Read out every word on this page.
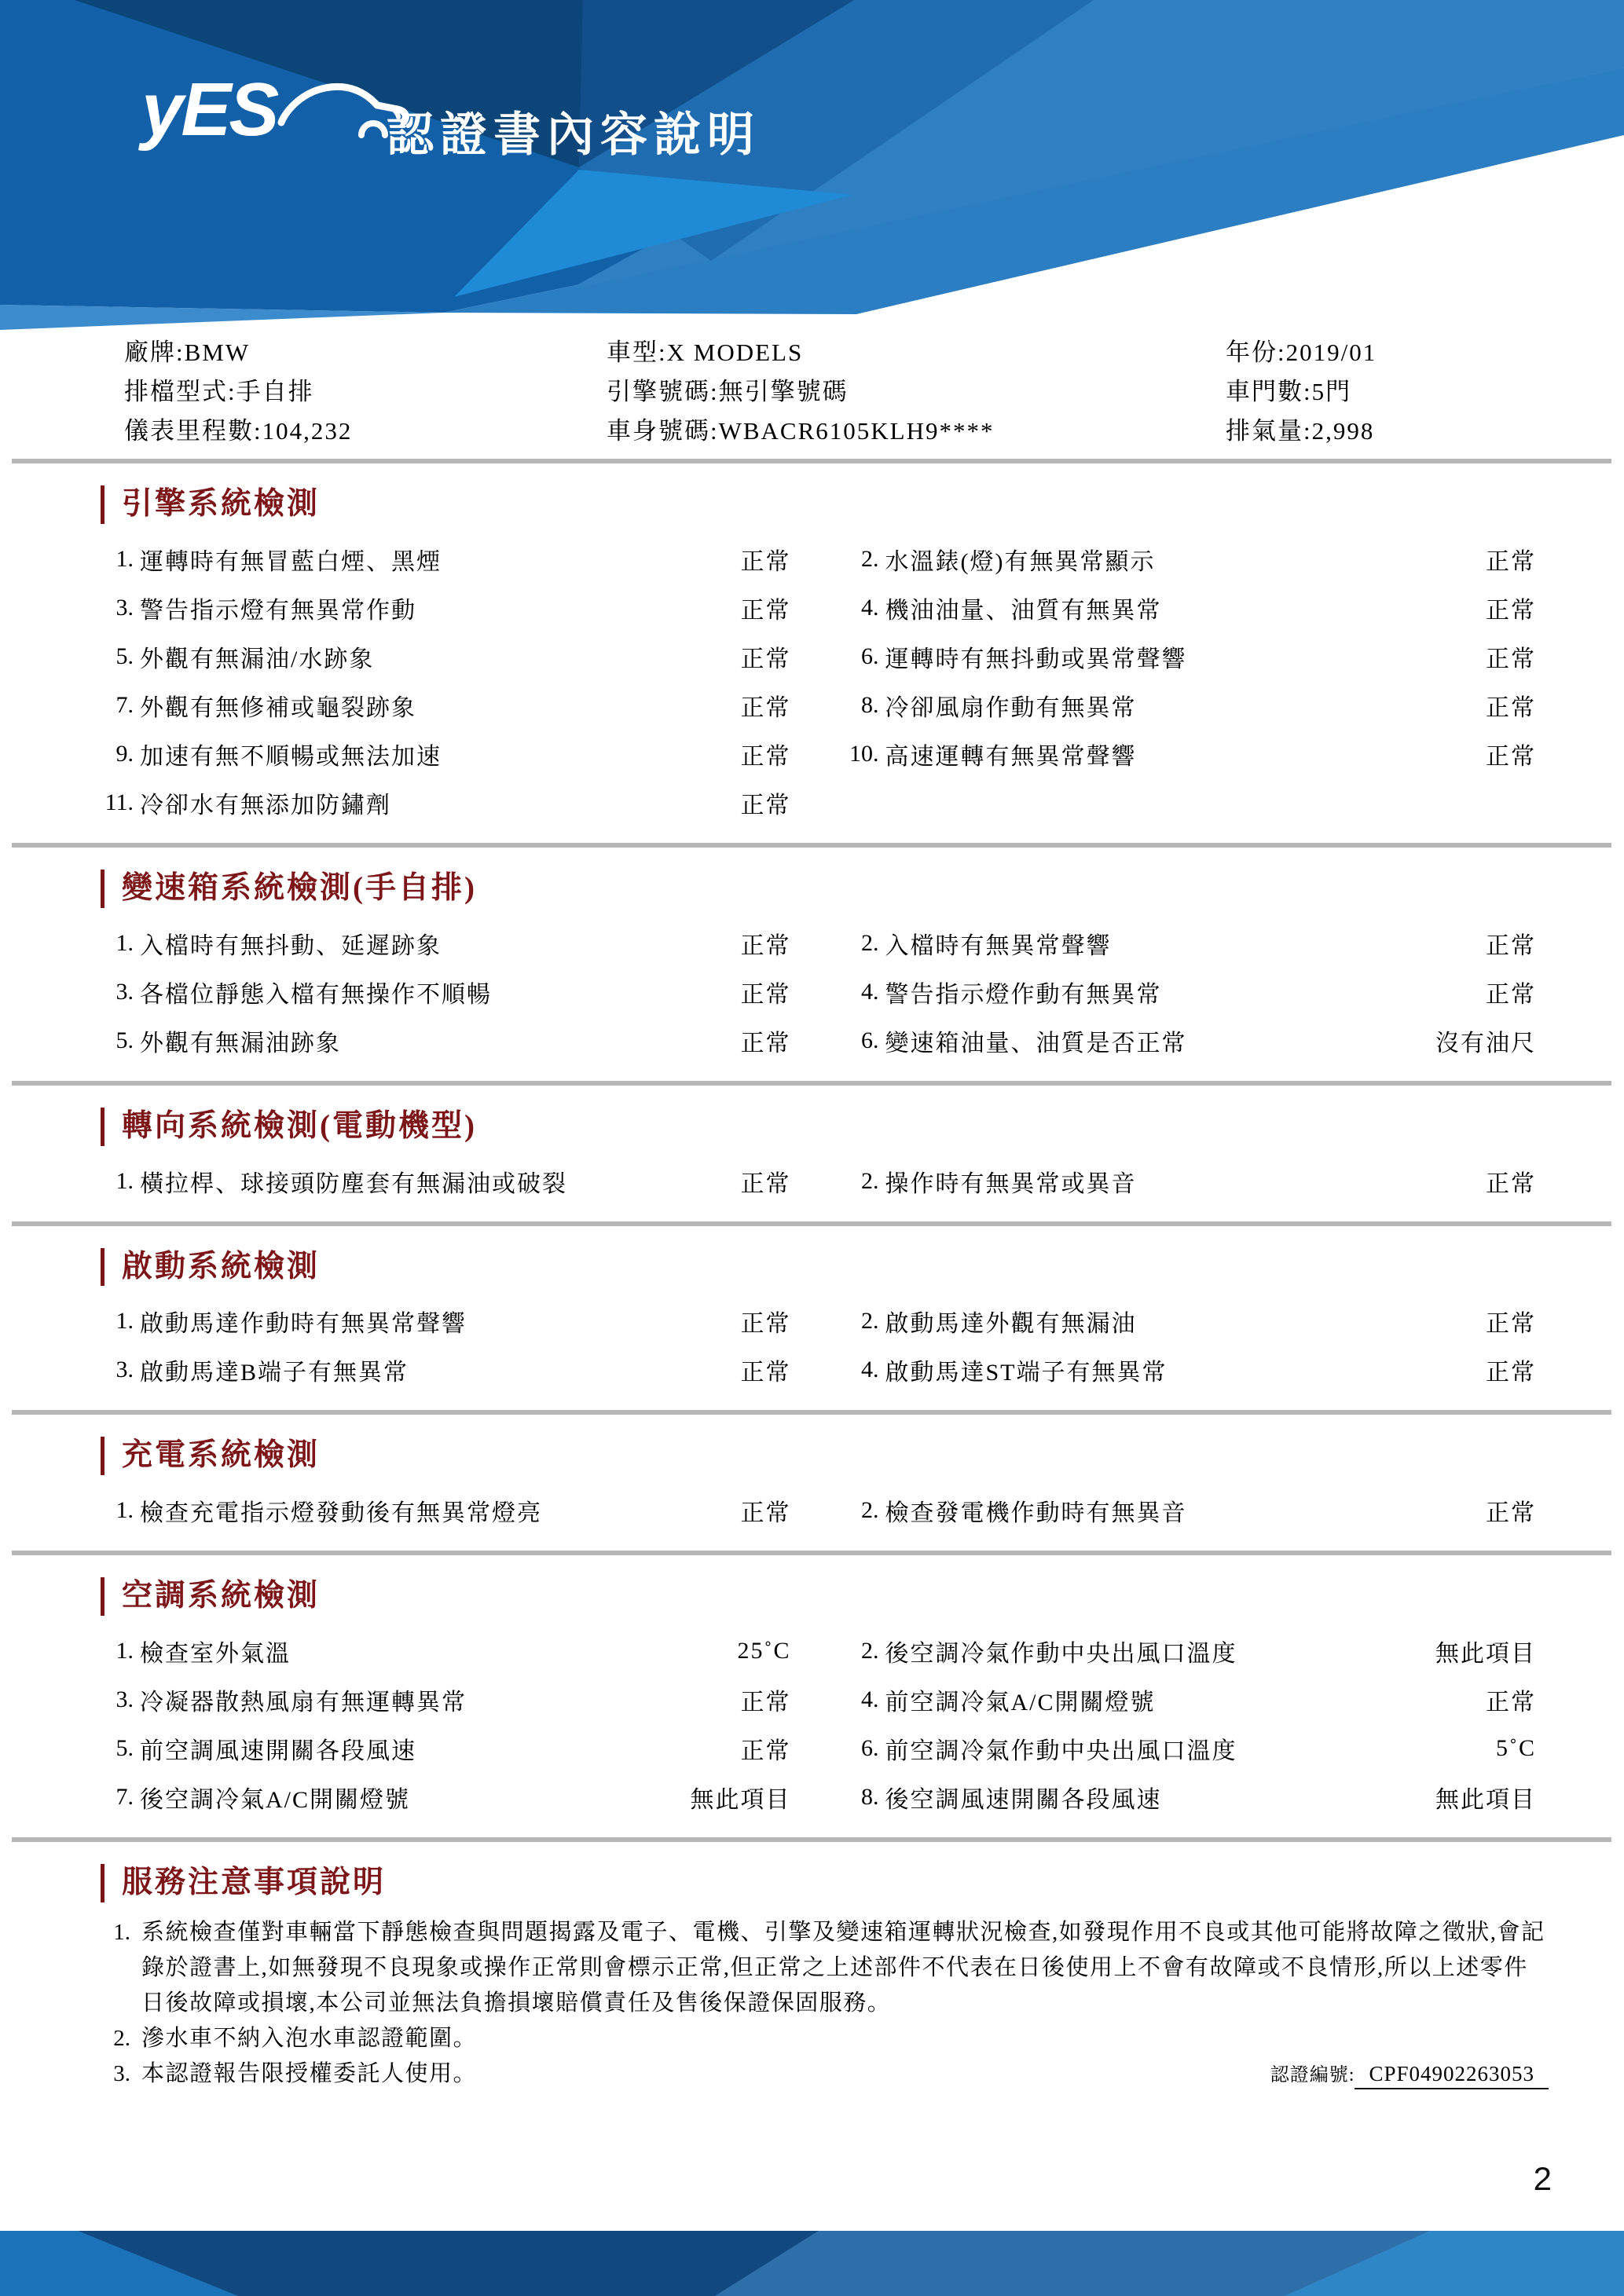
yES 認證書內容說明
廠牌:BMW	車型:X MODELS	年份:2019/01
排檔型式:手自排	引擎號碼:無引擎號碼	車門數:5門
儀表里程數:104,232	車身號碼:WBACR6105KLH9****	排氣量:2,998
引擎系統檢測
1. 運轉時有無冒藍白煙、黑煙	正常	2. 水溫錶(燈)有無異常顯示	正常
3. 警告指示燈有無異常作動	正常	4. 機油油量、油質有無異常	正常
5. 外觀有無漏油/水跡象	正常	6. 運轉時有無抖動或異常聲響	正常
7. 外觀有無修補或龜裂跡象	正常	8. 冷卻風扇作動有無異常	正常
9. 加速有無不順暢或無法加速	正常	10. 高速運轉有無異常聲響	正常
11. 冷卻水有無添加防鏽劑	正常
變速箱系統檢測(手自排)
1. 入檔時有無抖動、延遲跡象	正常	2. 入檔時有無異常聲響	正常
3. 各檔位靜態入檔有無操作不順暢	正常	4. 警告指示燈作動有無異常	正常
5. 外觀有無漏油跡象	正常	6. 變速箱油量、油質是否正常	沒有油尺
轉向系統檢測(電動機型)
1. 橫拉桿、球接頭防塵套有無漏油或破裂	正常	2. 操作時有無異常或異音	正常
啟動系統檢測
1. 啟動馬達作動時有無異常聲響	正常	2. 啟動馬達外觀有無漏油	正常
3. 啟動馬達B端子有無異常	正常	4. 啟動馬達ST端子有無異常	正常
充電系統檢測
1. 檢查充電指示燈發動後有無異常燈亮	正常	2. 檢查發電機作動時有無異音	正常
空調系統檢測
1. 檢查室外氣溫	25˚C	2. 後空調冷氣作動中央出風口溫度	無此項目
3. 冷凝器散熱風扇有無運轉異常	正常	4. 前空調冷氣A/C開關燈號	正常
5. 前空調風速開關各段風速	正常	6. 前空調冷氣作動中央出風口溫度	5˚C
7. 後空調冷氣A/C開關燈號	無此項目	8. 後空調風速開關各段風速	無此項目
服務注意事項說明
1. 系統檢查僅對車輛當下靜態檢查與問題揭露及電子、電機、引擎及變速箱運轉狀況檢查,如發現作用不良或其他可能將故障之徵狀,會記錄於證書上,如無發現不良現象或操作正常則會標示正常,但正常之上述部件不代表在日後使用上不會有故障或不良情形,所以上述零件日後故障或損壞,本公司並無法負擔損壞賠償責任及售後保證保固服務。
2. 滲水車不納入泡水車認證範圍。
3. 本認證報告限授權委託人使用。	認證編號: CPF04902263053
2
